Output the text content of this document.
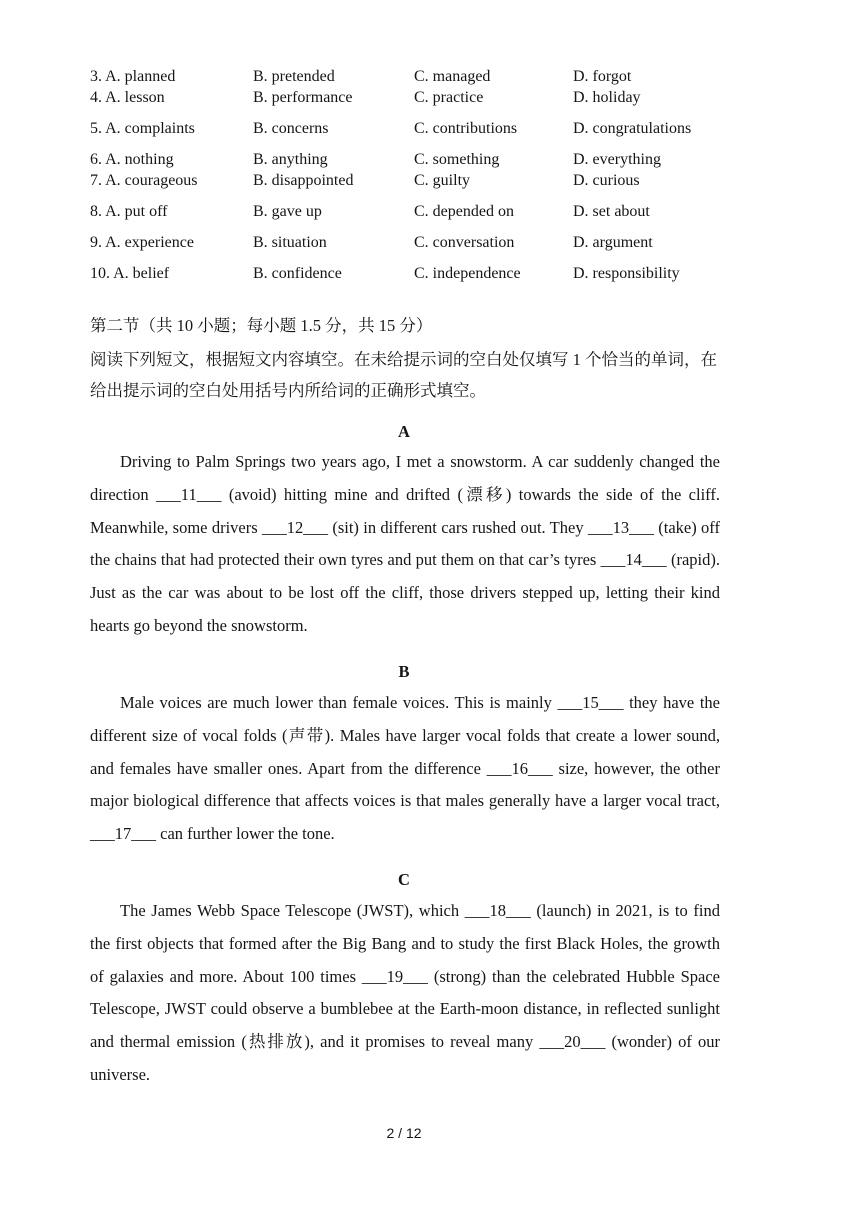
3. A. planned	B. pretended	C. managed	D. forgot
4. A. lesson	B. performance	C. practice	D. holiday
5. A. complaints	B. concerns	C. contributions	D. congratulations
6. A. nothing	B. anything	C. something	D. everything
7. A. courageous	B. disappointed	C. guilty	D. curious
8. A. put off	B. gave up	C. depended on	D. set about
9. A. experience	B. situation	C. conversation	D. argument
10. A. belief	B. confidence	C. independence	D. responsibility
第二节（共 10 小题；每小题 1.5 分，共 15 分）
阅读下列短文，根据短文内容填空。在未给提示词的空白处仅填写 1 个恰当的单词，在给出提示词的空白处用括号内所给词的正确形式填空。
A

Driving to Palm Springs two years ago, I met a snowstorm. A car suddenly changed the direction ___11___ (avoid) hitting mine and drifted (漂移) towards the side of the cliff. Meanwhile, some drivers ___12___ (sit) in different cars rushed out. They ___13___ (take) off the chains that had protected their own tyres and put them on that car’s tyres ___14___ (rapid). Just as the car was about to be lost off the cliff, those drivers stepped up, letting their kind hearts go beyond the snowstorm.

B

Male voices are much lower than female voices. This is mainly ___15___ they have the different size of vocal folds (声带). Males have larger vocal folds that create a lower sound, and females have smaller ones. Apart from the difference ___16___ size, however, the other major biological difference that affects voices is that males generally have a larger vocal tract, ___17___ can further lower the tone.

C

The James Webb Space Telescope (JWST), which ___18___ (launch) in 2021, is to find the first objects that formed after the Big Bang and to study the first Black Holes, the growth of galaxies and more. About 100 times ___19___ (strong) than the celebrated Hubble Space Telescope, JWST could observe a bumblebee at the Earth-moon distance, in reflected sunlight and thermal emission (热排放), and it promises to reveal many ___20___ (wonder) of our universe.

2 / 12
